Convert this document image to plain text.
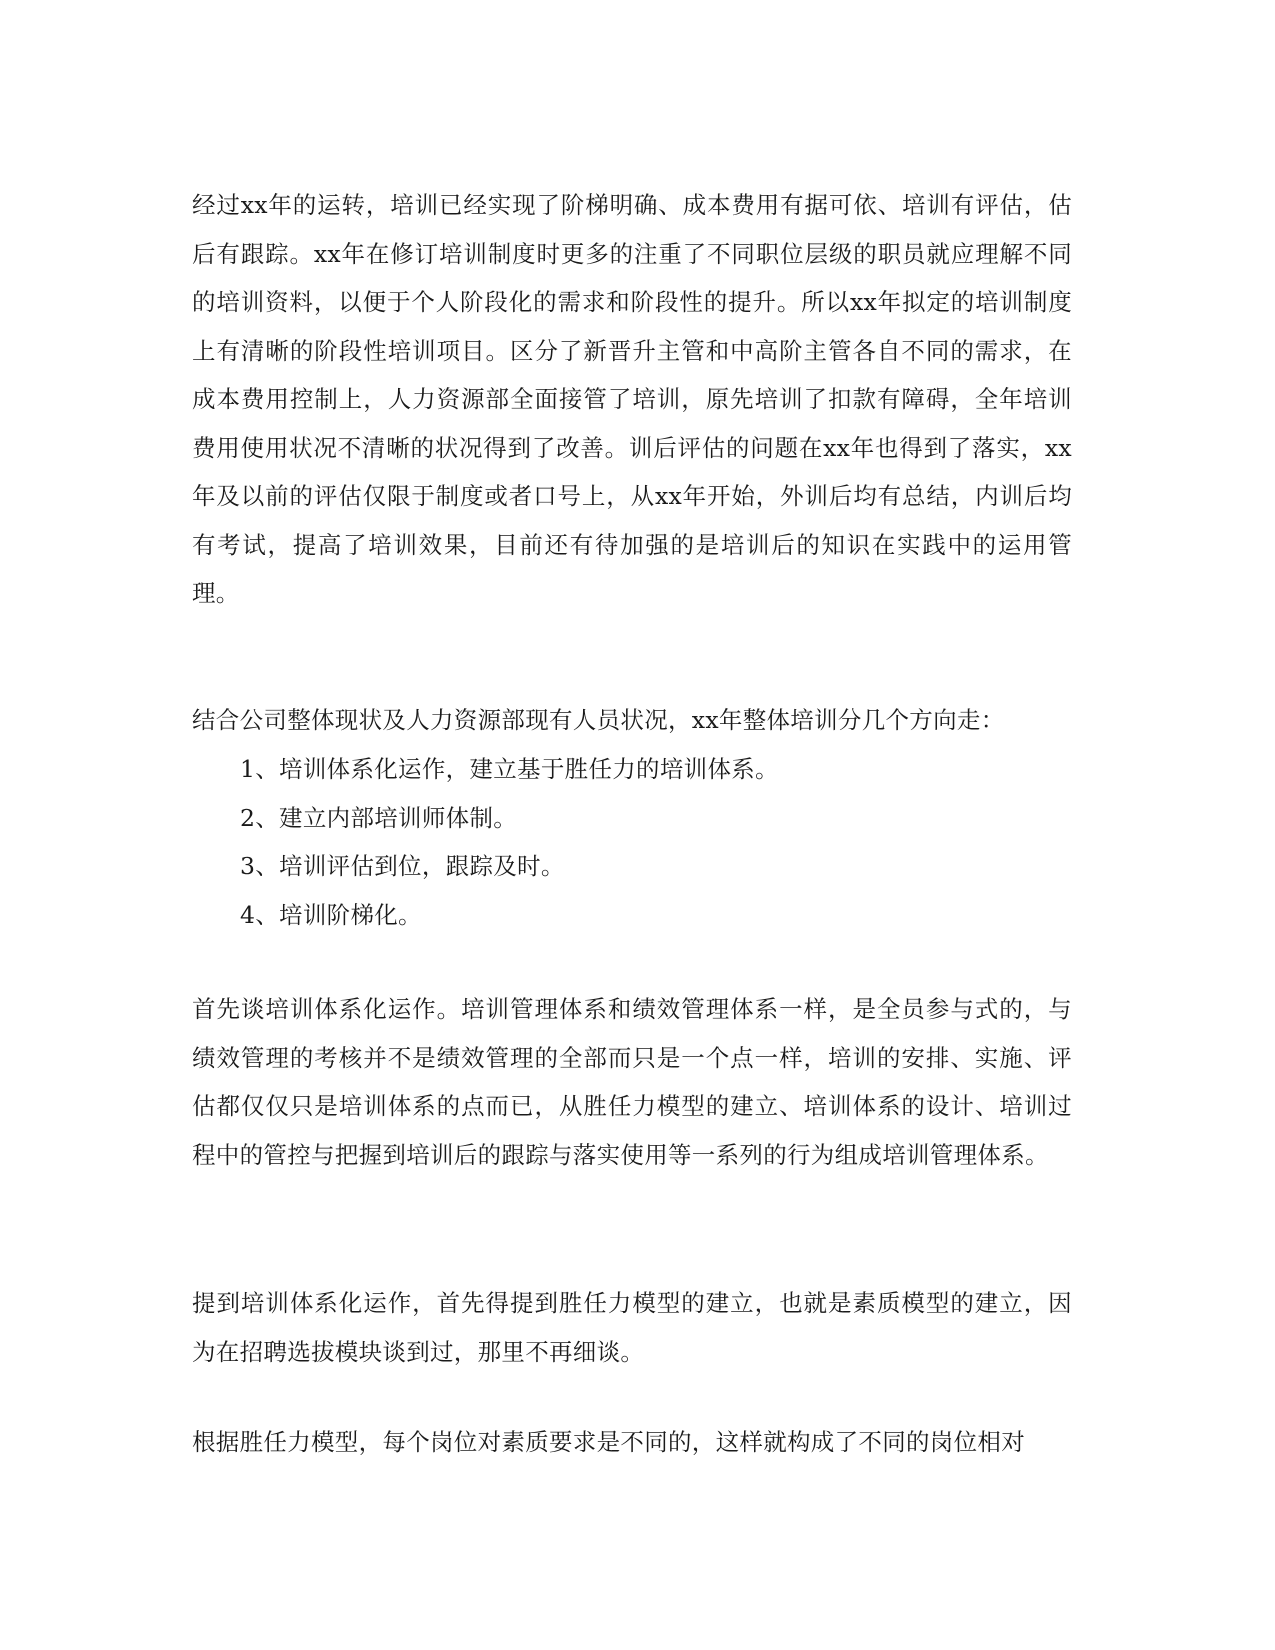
经过xx年的运转，培训已经实现了阶梯明确、成本费用有据可依、培训有评估，估后有跟踪。xx年在修订培训制度时更多的注重了不同职位层级的职员就应理解不同的培训资料，以便于个人阶段化的需求和阶段性的提升。所以xx年拟定的培训制度上有清晰的阶段性培训项目。区分了新晋升主管和中高阶主管各自不同的需求，在成本费用控制上，人力资源部全面接管了培训，原先培训了扣款有障碍，全年培训费用使用状况不清晰的状况得到了改善。训后评估的问题在xx年也得到了落实，xx年及以前的评估仅限于制度或者口号上，从xx年开始，外训后均有总结，内训后均有考试，提高了培训效果，目前还有待加强的是培训后的知识在实践中的运用管理。

结合公司整体现状及人力资源部现有人员状况，xx年整体培训分几个方向走：

1、培训体系化运作，建立基于胜任力的培训体系。
2、建立内部培训师体制。
3、培训评估到位，跟踪及时。
4、培训阶梯化。

首先谈培训体系化运作。培训管理体系和绩效管理体系一样，是全员参与式的，与绩效管理的考核并不是绩效管理的全部而只是一个点一样，培训的安排、实施、评估都仅仅只是培训体系的点而已，从胜任力模型的建立、培训体系的设计、培训过程中的管控与把握到培训后的跟踪与落实使用等一系列的行为组成培训管理体系。

提到培训体系化运作，首先得提到胜任力模型的建立，也就是素质模型的建立，因为在招聘选拔模块谈到过，那里不再细谈。

根据胜任力模型，每个岗位对素质要求是不同的，这样就构成了不同的岗位相对
